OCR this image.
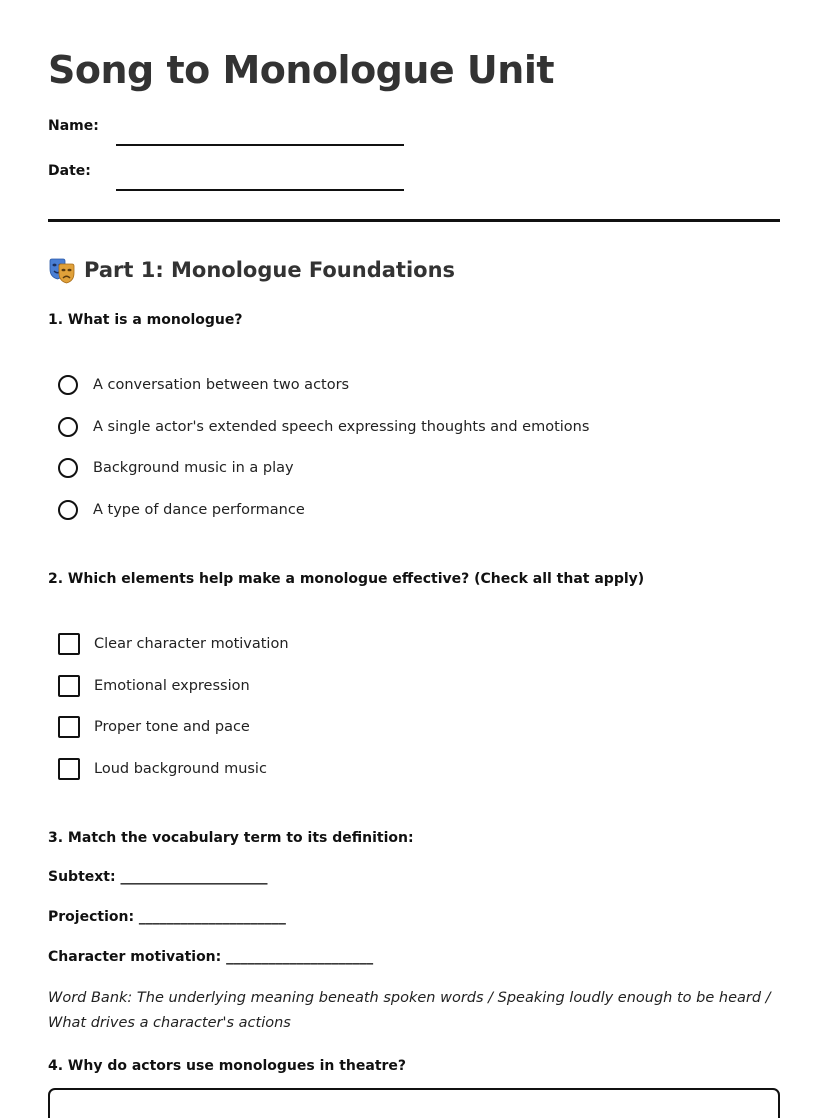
Song to Monologue Unit
Name:
Date:
Part 1: Monologue Foundations

1. What is a monologue?

A conversation between two actors
A single actor's extended speech expressing thoughts and emotions
Background music in a play
A type of dance performance

2. Which elements help make a monologue effective? (Check all that apply)

Clear character motivation
Emotional expression
Proper tone and pace
Loud background music

3. Match the vocabulary term to its definition:

Subtext: _____________________
Projection: _____________________
Character motivation: _____________________

Word Bank: The underlying meaning beneath spoken words / Speaking loudly enough to be heard / What drives a character's actions

4. Why do actors use monologues in theatre?
